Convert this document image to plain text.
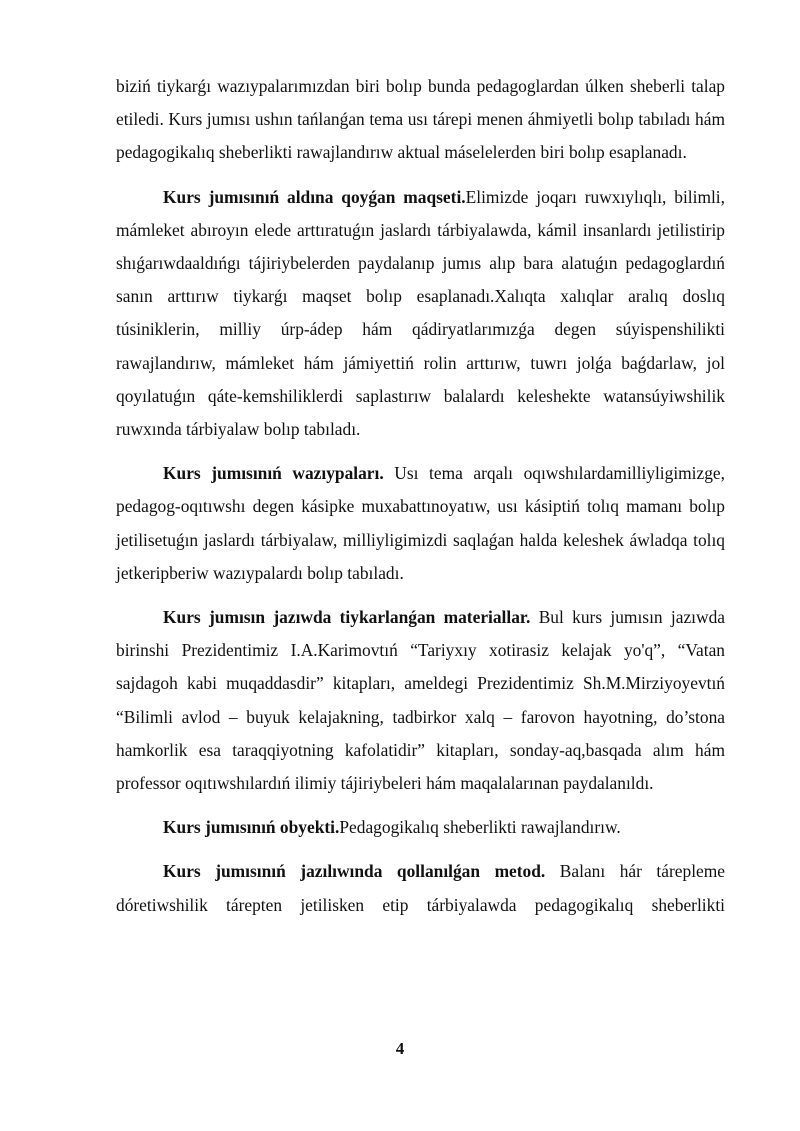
biziń tiykarǵı wazıypalarımızdan biri bolıp bunda pedagoglardan úlken sheberli talap etiledi. Kurs jumısı ushın tańlanǵan tema usı tárepi menen áhmiyetli bolıp tabıladı hám pedagogikalıq sheberlikti rawajlandırıw aktual máselelerden biri bolıp esaplanadı.

Kurs jumısınıń aldına qoyǵan maqseti.Elimizde joqarı ruwxıylıqlı, bilimli, mámleket abıroyın elede arttıratuǵın jaslardı tárbiyalawda, kámil insanlardı jetilistirip shıǵarıwdaaldıńgı tájiriybelerden paydalanıp jumıs alıp bara alatuǵın pedagoglardıń sanın arttırıw tiykarǵı maqset bolıp esaplanadı.Xalıqta xalıqlar aralıq doslıq túsiniklerin, milliy úrp-ádep hám qádiryatlarımızǵa degen súyispenshilikti rawajlandırıw, mámleket hám jámiyettiń rolin arttırıw, tuwrı jolǵa baǵdarlaw, jol qoyılatuǵın qáte-kemshiliklerdi saplastırıw balalardı keleshekte watansúyiwshilik ruwxında tárbiyalaw bolıp tabıladı.

Kurs jumısınıń wazıypaları. Usı tema arqalı oqıwshılardamilliyligimizge, pedagog-oqıtıwshı degen kásipke muxabattınoyatıw, usı kásiptiń tolıq mamanı bolıp jetilisetuǵın jaslardı tárbiyalaw, milliyligimizdi saqlaǵan halda keleshek áwladqa tolıq jetkeripberiw wazıypalardı bolıp tabıladı.

Kurs jumısın jazıwda tiykarlanǵan materiallar. Bul kurs jumısın jazıwda birinshi Prezidentimiz I.A.Karimovtıń “Tariyxıy xotirasiz kelajak yo'q”, “Vatan sajdagoh kabi muqaddasdir” kitapları, ameldegi Prezidentimiz Sh.M.Mirziyoyevtıń “Bilimli avlod – buyuk kelajakning, tadbirkor xalq – farovon hayotning, do’stona hamkorlik esa taraqqiyotning kafolatidir” kitapları, sonday-aq,basqada alım hám professor oqıtıwshılardıń ilimiy tájiriybeleri hám maqalalarınan paydalanıldı.

Kurs jumısınıń obyekti.Pedagogikalıq sheberlikti rawajlandırıw.

Kurs jumısınıń jazılıwında qollanılǵan metod. Balanı hár tárepleme dóretiwshilik tárepten jetilisken etip tárbiyalawda pedagogikalıq sheberlikti

4
